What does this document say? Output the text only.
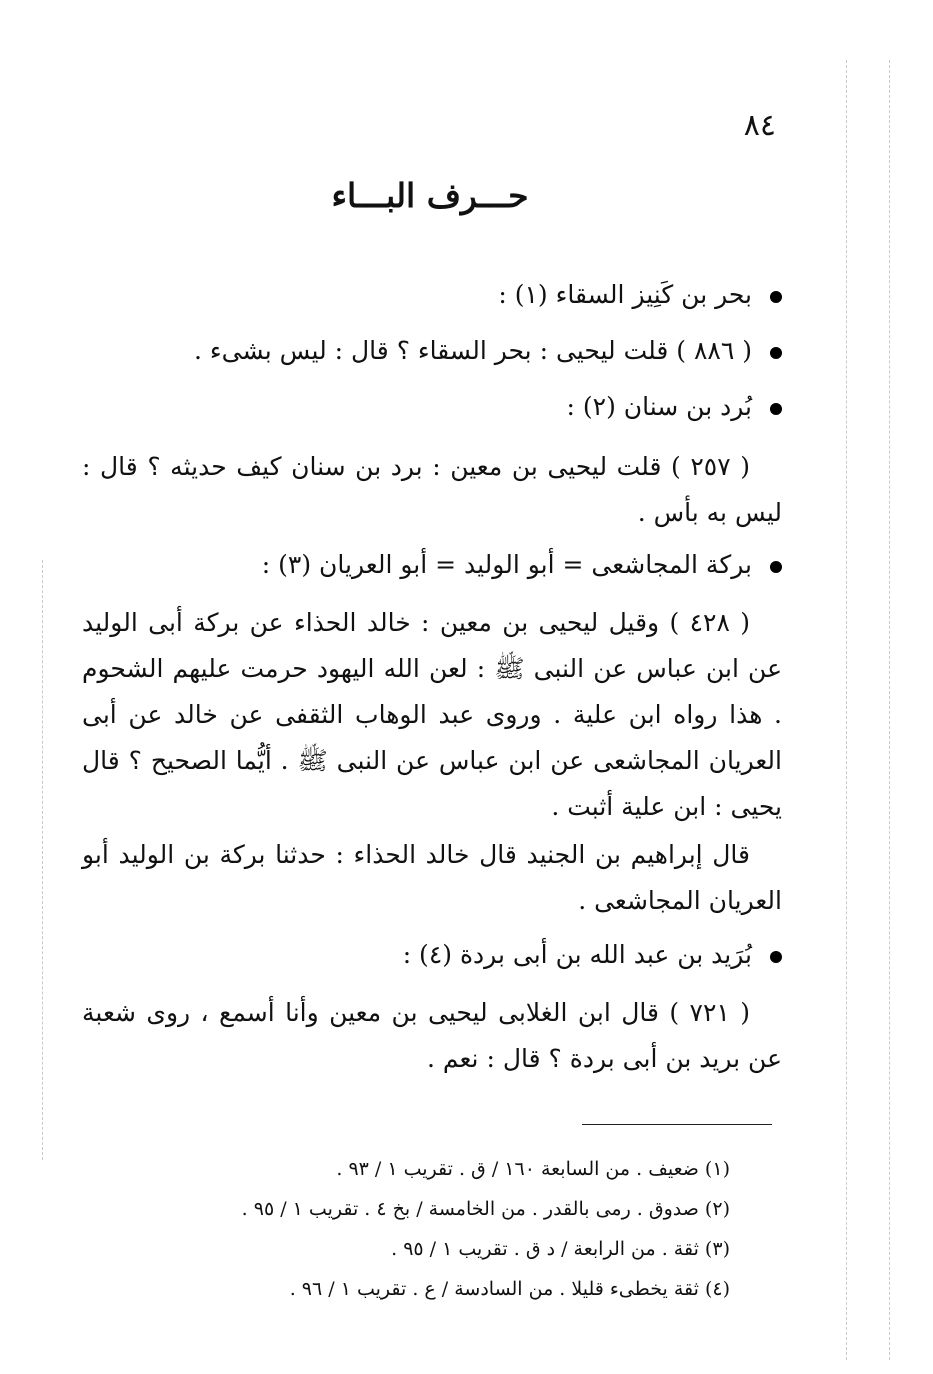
٨٤
حـــرف البـــاء
بحر بن كَنِيز السقاء (١) :
( ٨٨٦ ) قلت ليحيى : بحر السقاء ؟ قال : ليس بشىء .
بُرد بن سنان (٢) :
( ٢٥٧ ) قلت ليحيى بن معين : برد بن سنان كيف حديثه ؟ قال : ليس به بأس .
بركة المجاشعى = أبو الوليد = أبو العريان (٣) :
( ٤٢٨ ) وقيل ليحيى بن معين : خالد الحذاء عن بركة أبى الوليد عن ابن عباس عن النبى ﷺ : لعن الله اليهود حرمت عليهم الشحوم . هذا رواه ابن علية . وروى عبد الوهاب الثقفى عن خالد عن أبى العريان المجاشعى عن ابن عباس عن النبى ﷺ . أيُّما الصحيح ؟ قال يحيى : ابن علية أثبت .
قال إبراهيم بن الجنيد قال خالد الحذاء : حدثنا بركة بن الوليد أبو العريان المجاشعى .
بُرَيد بن عبد الله بن أبى بردة (٤) :
( ٧٢١ ) قال ابن الغلابى ليحيى بن معين وأنا أسمع ، روى شعبة عن بريد بن أبى بردة ؟ قال : نعم .
(١) ضعيف . من السابعة ١٦٠ / ق . تقريب ١ / ٩٣ .
(٢) صدوق . رمى بالقدر . من الخامسة / بخ ٤ . تقريب ١ / ٩٥ .
(٣) ثقة . من الرابعة / د ق . تقريب ١ / ٩٥ .
(٤) ثقة يخطىء قليلا . من السادسة / ع . تقريب ١ / ٩٦ .
